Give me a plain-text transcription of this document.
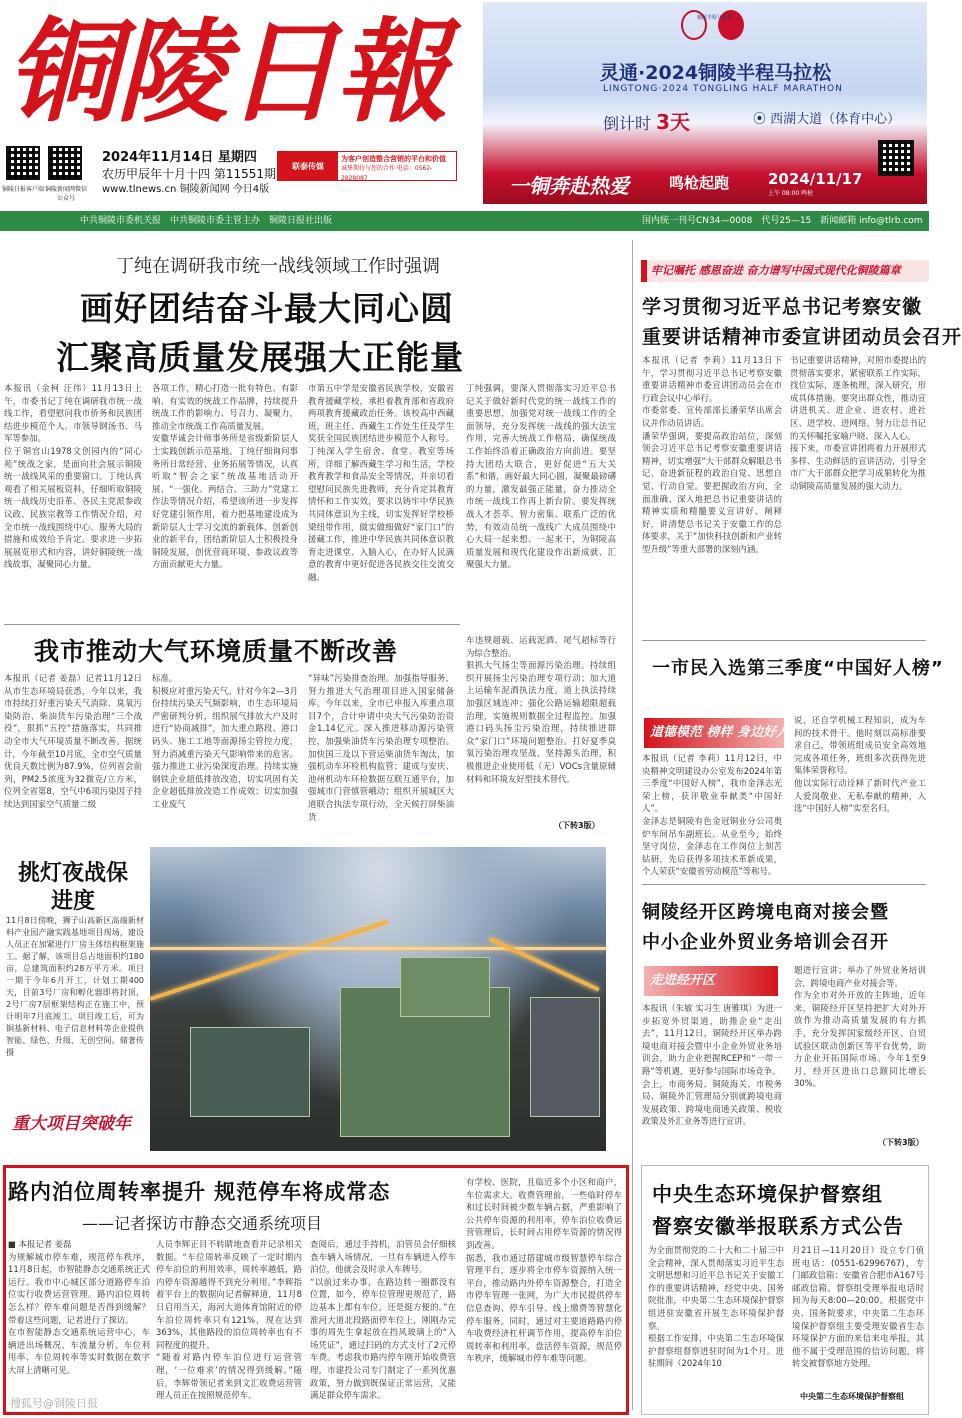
铜陵日報
铜陵日报客户端 铜陵新闻网微信公众号
2024年11月14日 星期四
农历甲辰年十月十四 第11551期
www.tlnews.cn 铜陵新闻网 今日4版
联泰传媒
为客户创造整合营销的平台和价值
诚挚期待与您的合作 电话：0562-2828087
铜陵半程马拉松
灵通·2024铜陵半程马拉松
LINGTONG·2024 TONGLING HALF MARATHON
倒计时 3天	⦿ 西湖大道（体育中心）
一铜奔赴热爱	鸣枪起跑	2024/11/17
上午 08:00 鸣枪
中共铜陵市委机关报　中共铜陵市委主管主办　铜陵日报社出版	国内统一刊号CN34—0008　代号25—15　新闻邮箱 info@tlrb.com
丁纯在调研我市统一战线领域工作时强调
画好团结奋斗最大同心圆
汇聚高质量发展强大正能量
本报讯（金柯 汪伟）11月13日上午，市委书记丁纯在调研我市统一战线工作，看望慰问我市侨务和民族团结进步模范个人。市领导钢汤书、马军等参加。
位于铜官山1978文创园内的“同心苑”统战之家，是面向社会展示铜陵统一战线风采的重要窗口。丁纯认真观看了相关展板资料，仔细听取铜陵统一战线历史沿革、各民主党派参政议政、民族宗教等工作情况介绍，对全市统一战线围绕中心、服务大局的措施和成效给予肯定。要求进一步拓展展览形式和内容，讲好铜陵统一战线故事，凝聚同心力量。
各项工作，精心打造一批有特色、有影响、有实效的统战工作品牌，持续提升统战工作的影响力、号召力、凝聚力，推动全市统战工作高质量发展。
安徽华诚会计师事务所是省级新阶层人士实践创新示范基地。丁纯仔细询问事务所日常经营、业务拓展等情况，认真听取“智会之家”统战基地活动开展、“一强化、两结合、三助力”党建工作法等情况介绍，希望该所进一步发挥好党建引领作用，着力把基地建设成为新阶层人士学习交流的新载体、创新创业的新平台，团结新阶层人士积极投身铜陵发展，创优营商环境、参政议政等方面贡献更大力量。
市第五中学是安徽省民族学校，安徽省教育援藏学校，承担着教育部和省政府两项教育援藏政治任务。该校高中西藏班，班主任、西藏生工作处生任及学生奖获全国民族团结进步模范个人称号。丁纯深入学生宿舍、食堂、教室等场所，详细了解西藏生学习和生活，学校教育教学和食品安全等情况，并亲切看望慰问民族先进教师，充分肯定其教育情怀和工作实效，要求以铸牢中华民族共同体意识为主线，切实发挥好学校桥梁纽带作用，做实做细做好“家门口”的援藏工作，推进中华民族共同体意识教育走进课堂、入脑入心，在办好人民满意的教育中更好促进各民族交往交流交融。
丁纯强调，要深入贯彻落实习近平总书记关于做好新时代党的统一战线工作的重要思想，加强党对统一战线工作的全面领导，充分发挥统一战线的强大法宝作用，完善大统战工作格局，确保统战工作始终沿着正确政治方向前进。要坚持大团结大联合，更好促进“五大关系”和谐，画好最大同心圆，凝聚最磅礴的力量，激发最强正能量，奋力推动全市统一战线工作再上新台阶。要发挥统战人才荟萃、智力密集、联系广泛的优势，有效动员统一战线广大成员围绕中心大局一起来想、一起来干，为铜陵高质量发展和现代化建设作出新成就、汇聚强大力量。
我市推动大气环境质量不断改善
本报讯（记者 姜磊）记者11月12日从市生态环境局获悉，今年以来，我市持续打好重污染天气消除、臭氧污染防治、柴油货车污染治理“三个战役”，狠抓“五控”措施落实，共同推动全市大气环境质量不断改善。据统计，今年截至10月底，全市空气质量优良天数比例为87.9%，位列省会前列，PM2.5浓度为32微克/立方米，位列全省第8，空气中6项污染因子持续达到国家空气质量二级
标准。
积极应对重污染天气。针对今年2—3月份持续污染天气频影响，市生态环境局严密研判分析，组织展气排放大户及时进行“协商减排”，加大重点路段、港口码头、施工工地等面源扬尘管控力度，努力消减重污染天气影响带来的危害。强力推进工业污染深度治理。持续实施钢铁企业超低排放改造，切实巩固有关企业超低排放改造工作成效；切实加强工业废气
“异味”污染排查治理。加强指导服务，努力推进大气治理项目进入国家储备库。今年以来，全市已申报入库重点项目7个，合计申请中央大气污染防治资金1.14亿元。深入推进移动源污染管控，加强柴油货车污染治理专项整治。加快国三及以下营运柴油货车淘汰，加强机动车环检机构监管；建成与安庆、池州机动车环检数据互联互通平台，加强城市门营慎管峨动；组织开展城区大道联合执法专项行动，全天候打屏柴油货
车违规超载、运载泥酒、尾气超标等行为综合整治。
狠抓大气扬尘等面源污染治理。持续组织开展扬尘污染治理专项行动；加大道上运输车泥酒执法力度，道上执法持续加强区域连冲；强化公路运输超限超载治理，实施规则数据全过程监控。加强港口码头扬尘污染治理，持续推进群众“家门口”环境问题整治。打好夏季臭氧污染治理攻坚战，坚持源头治理，积极推进企业使用低（无）VOCs含量原辅材料和环境友好型技术替代。
（下转3版）
11月8日傍晚，狮子山高新区高端新材料产业园产融实践基地项目现场，建设人员正在加紧进行厂房主体结构框架施工。据了解，该项目总占地面积约180亩，总建筑面积约28万平方米。项目一期于今年6月开工，计划工期400天，目前3号厂房和孵化器即将封顶，2号厂房7层框架结构正在施工中，预计明年7月底竣工。项目竣工后，可为铜基新材料、电子信息材料等企业提供智能、绿色、升级、无创空间。储著传 摄
挑灯夜战保进度
重大项目突破年
路内泊位周转率提升 规范停车将成常态
——记者探访市静态交通系统项目
■ 本报记者 姜磊
为规解城市停车难，规范停车秩序，11月8日起，市智能静态交通系统正式运行。我市中心城区部分道路停车泊位实行收费运营管理。路内泊位周转怎么样？停车难问题是否得到缓解？带着这些问题，记者进行了探访。
在市智能静态交通系统运营中心，车辆进出场概况、车流量分析、车位利用率、车位周转率等实时数据在数字大屏上清晰可见。
人员李辉正目不转睛地查看并记录相关数据。“车位周转率反映了一定时期内停车泊位的利用效率，周转率越低，路内停车资源越得不到充分利用。”李辉指着平台上的数据向记者解释道，11月8日启用当天，海河大道体育馆附近的停车泊位周转率只有121%，现在达到363%，其他路段的泊位周转率也有不同程度的提升。
“随着对路内停车泊位进行运营管理，‘一位难求’的情况得到缓解。”随后，李辉带领记者来到文汇收费运营管理人员正在按照规范停车。
查阅后，通过手持机，泊管员会仔细核查车辆入场情况，一旦有车辆进入停车泊位，他就会及时录入车牌号。
“以前过来办事，在路边转一圈都没有位置，如今，停车位管理更规范了，路边基本上都有车位，还是挺方便的。”在淮河大道北段路面停车位上，刚刚办完事的周先生拿起放在挡风玻璃上的“入场凭证”，通过扫码的方式支付了2元停车费。考虑我市路内停车刚开始收费管理，市建投公司专门制定了一系列优惠政策，努力做到既保证正常运营，又能满足群众停车需求。
有学校、医院，且临近多个小区和商户，车位需求大。收费管理前，一些临时停车和过长时间被少数车辆占据，严重影响了公共停车资源的利用率，停车泊位收费运营管理后，长时间占用停车资源的情况得到改善。
据悉，我市通过搭建城市级智慧停车综合管理平台，逐步将全市停车资源纳入统一平台，推动路内外停车资源整合，打造全市停车管理一张网，为广大市民提供停车信息查询、停车引导、线上缴费等智慧化停车服务。同时，通过对主要道路路内停车收费经济杠杆调节作用，提高停车泊位周转率和利用率，盘活停车资源，规范停车秩序，缓解城市停车难等问题。
牢记嘱托 感恩奋进 奋力谱写中国式现代化铜陵篇章
学习贯彻习近平总书记考察安徽
重要讲话精神市委宣讲团动员会召开
本报讯（记者 李莉）11月13日下午，学习贯彻习近平总书记考察安徽重要讲话精神市委宣讲团动员会在市行政会议中心举行。
市委常委、宣传部部长潘荣华出席会议并作动员讲话。
潘荣华强调，要提高政治站位，深刻领会习近平总书记考察安徽重要讲话精神，切实增强“大干部群众解眼总书记、奋进新征程的政治自觉、思想自觉、行动自觉。要把握政治方向，全面准确、深入地把总书记重要讲话的精神实质和精髓要义宣讲好、阐释好，讲清楚总书记关于安徽工作的总体要求，关于“加快科技创新和产业转型升级”等重大部署的深刻内涵。
书记重要讲话精神，对照市委提出的贯彻落实要求，紧密联系工作实际，找位实际，逐条梳理，深入研究，形成具体措施。要突出群众性，推动宣讲进机关、进企业、进农村、进社区、进学校、进网络，努力让总书记的关怀嘱托家喻户晓、深入人心。
接下来，市委宣讲团将着力开展形式多样、生动鲜活的宣讲活动，引导全市广大干部群众把学习成果转化为推动铜陵高质量发展的强大动力。
一市民入选第三季度“中国好人榜”
道德模范 榜样 身边好人
本报讯（记者 李莉）11月12日，中央精神文明建设办公室发布2024年第三季度“中国好人榜”，我市金泽志光荣上榜，获评敬业奉献类“中国好人”。
金泽志是铜陵有色金冠铜业分公司奥炉车间吊车副班长。从业至今，始终坚守岗位，金泽志在工作岗位上刻苦钻研，先后获得多项技术革新成果，个人荣获“安徽省劳动模范”等称号。
说，还自学机械工程知识，成为车间的技术骨干。他时刻以高标准要求自己，带领班组成员安全高效地完成各项任务，班组多次获得先进集体荣誉称号。
他以实际行动诠释了新时代产业工人爱岗敬业、无私奉献的精神，入选“中国好人榜”实至名归。
铜陵经开区跨境电商对接会暨
中小企业外贸业务培训会召开
走进经开区
本报讯（朱敏 实习生 唐雅琪）为进一步拓宽外贸渠道，助推企业“走出去”，11月12日，铜陵经开区举办跨境电商对接会暨中小企业外贸业务培训会，助力企业把握RCEP和“一带一路”等机遇，更好参与国际市场竞争。
会上，市商务局、铜陵海关、市税务局、铜陵外汇管理局分别就跨境电商发展政策、跨境电商通关政策、税收政策及外汇业务等进行宣讲。
题进行宣讲；举办了外贸业务培训会，跨境电商产业对接会等。
作为全市对外开放的主阵地，近年来，铜陵经开区坚持把扩大对外开放作为推动高质量发展的有力抓手，充分发挥国家级经开区、自贸试验区联动创新区等平台优势，助力企业开拓国际市场。今年1至9月，经开区进出口总额同比增长30%。
（下转3版）
中央生态环境保护督察组
督察安徽举报联系方式公告
为全面贯彻党的二十大和二十届三中全会精神，深入贯彻落实习近平生态文明思想和习近平总书记关于安徽工作的重要讲话精神，经党中央、国务院批准，中央第二生态环境保护督察组进驻安徽省开展生态环境保护督察。
根据工作安排，中央第二生态环境保护督察组督察进驻时间为1个月。进驻期间（2024年10
月21日—11月20日）设立专门值班电话：(0551-62996767)，专门邮政信箱：安徽省合肥市A167号邮政信箱。督察组受理举报电话时间为每天8:00—20:00。根据党中央、国务院要求，中央第二生态环境保护督察组主要受理安徽省生态环境保护方面的来信来电举报，其他不属于受理范围的信访问题，将转交被督察地方处理。
中央第二生态环境保护督察组
搜狐号@铜陵日报
